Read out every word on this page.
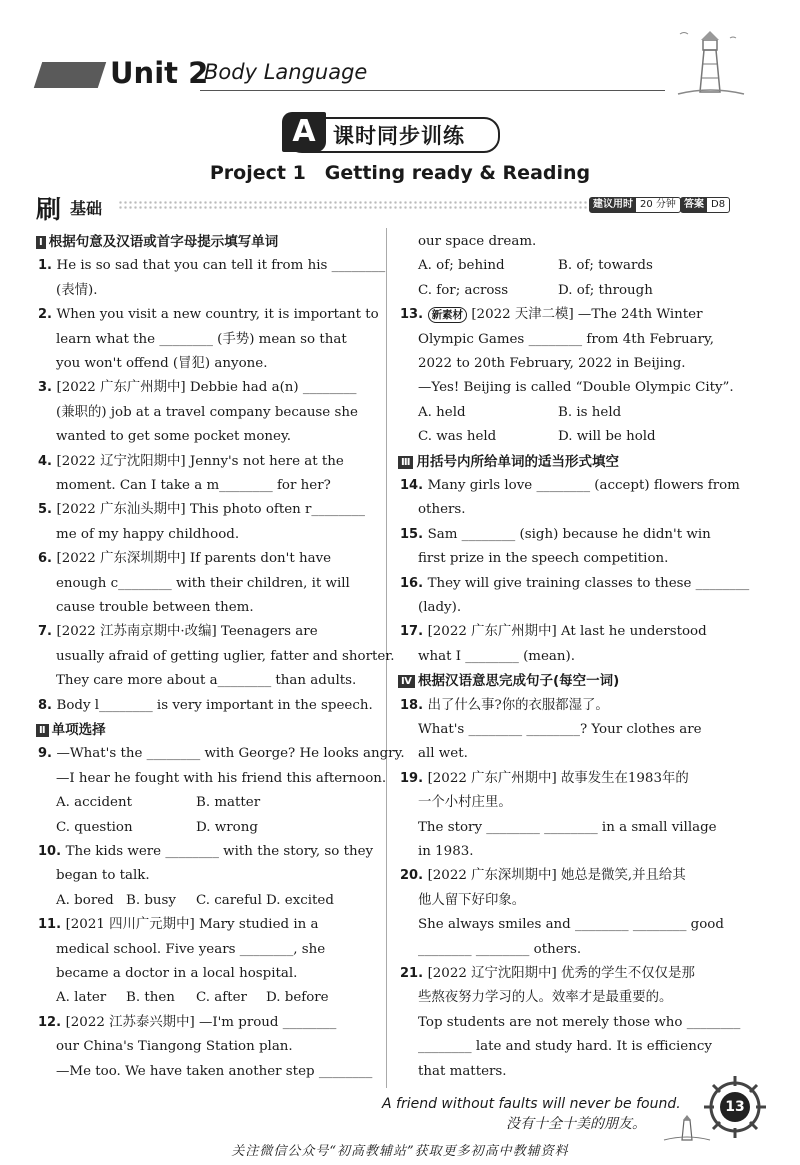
Unit 2
Body Language
A 课时同步训练
Project 1　Getting ready & Reading
刷 基础	建议用时 20 分钟 答案 D8
A friend without faults will never be found.
没有十全十美的朋友。
13
关注微信公众号“初高教辅站”获取更多初高中教辅资料
Ⅰ 根据句意及汉语或首字母提示填写单词
1. He is so sad that you can tell it from his ________
(表情).
2. When you visit a new country, it is important to
learn what the ________ (手势) mean so that
you won't offend (冒犯) anyone.
3. [2022 广东广州期中] Debbie had a(n) ________
(兼职的) job at a travel company because she
wanted to get some pocket money.
4. [2022 辽宁沈阳期中] Jenny's not here at the
moment. Can I take a m________ for her?
5. [2022 广东汕头期中] This photo often r________
me of my happy childhood.
6. [2022 广东深圳期中] If parents don't have
enough c________ with their children, it will
cause trouble between them.
7. [2022 江苏南京期中·改编] Teenagers are
usually afraid of getting uglier, fatter and shorter.
They care more about a________ than adults.
8. Body l________ is very important in the speech.
Ⅱ 单项选择
9. —What's the ________ with George? He looks angry.
—I hear he fought with his friend this afternoon.
A. accident	B. matter
C. question	D. wrong
10. The kids were ________ with the story, so they
began to talk.
A. bored B. busy C. careful D. excited
11. [2021 四川广元期中] Mary studied in a
medical school. Five years ________, she
became a doctor in a local hospital.
A. later B. then C. after D. before
12. [2022 江苏泰兴期中] —I'm proud ________
our China's Tiangong Station plan.
—Me too. We have taken another step ________
our space dream.
A. of; behind	B. of; towards
C. for; across	D. of; through
13. 新素材 [2022 天津二模] —The 24th Winter
Olympic Games ________ from 4th February,
2022 to 20th February, 2022 in Beijing.
—Yes! Beijing is called “Double Olympic City”.
A. held	B. is held
C. was held	D. will be hold
Ⅲ 用括号内所给单词的适当形式填空
14. Many girls love ________ (accept) flowers from
others.
15. Sam ________ (sigh) because he didn't win
first prize in the speech competition.
16. They will give training classes to these ________
(lady).
17. [2022 广东广州期中] At last he understood
what I ________ (mean).
Ⅳ 根据汉语意思完成句子(每空一词)
18. 出了什么事?你的衣服都湿了。
What's ________ ________? Your clothes are
all wet.
19. [2022 广东广州期中] 故事发生在1983年的
一个小村庄里。
The story ________ ________ in a small village
in 1983.
20. [2022 广东深圳期中] 她总是微笑,并且给其
他人留下好印象。
She always smiles and ________ ________ good
________ ________ others.
21. [2022 辽宁沈阳期中] 优秀的学生不仅仅是那
些熬夜努力学习的人。效率才是最重要的。
Top students are not merely those who ________
________ late and study hard. It is efficiency
that matters.
